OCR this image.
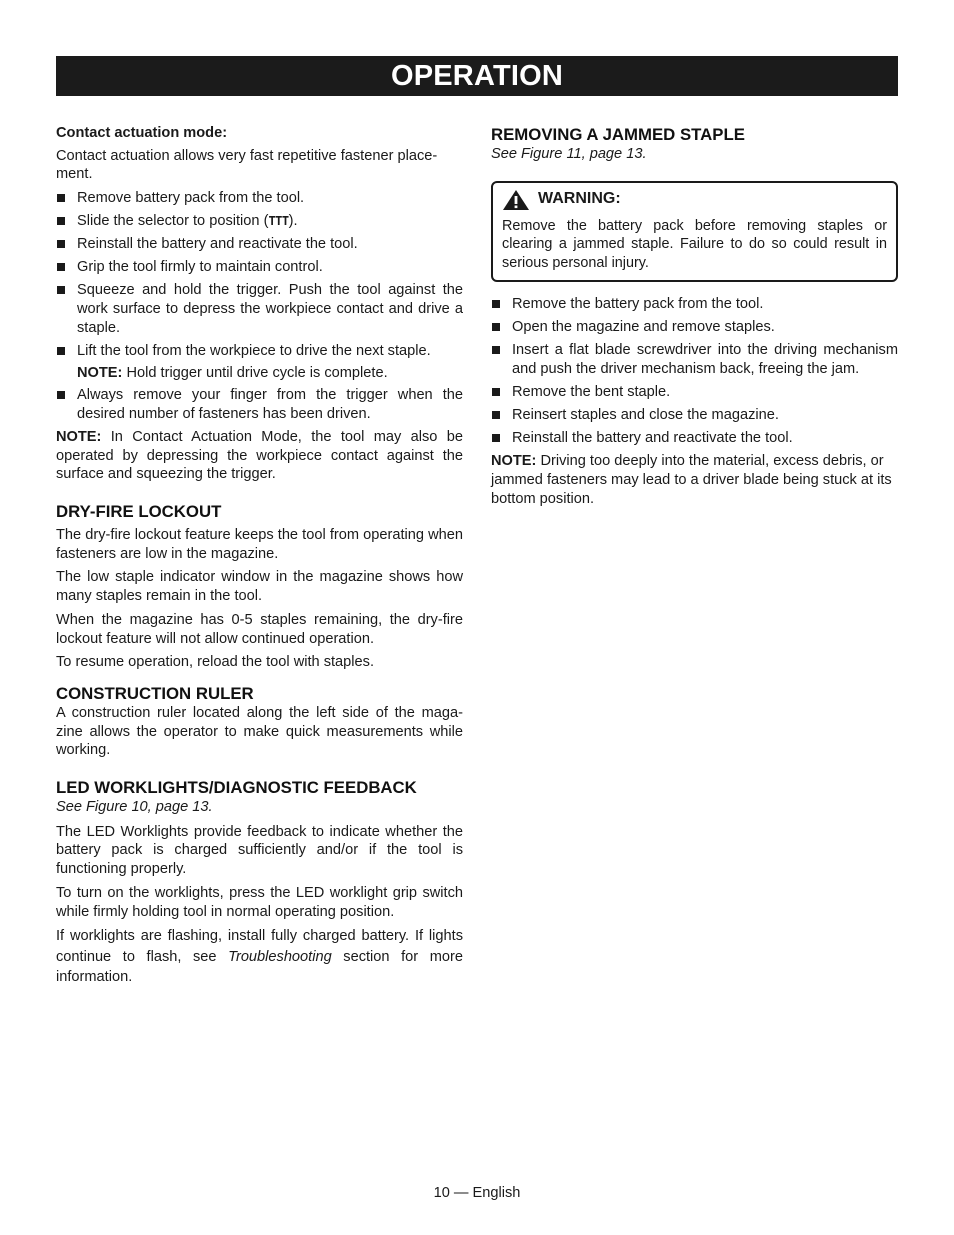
OPERATION
Contact actuation mode:

Contact actuation allows very fast repetitive fastener place- ment.

Remove battery pack from the tool.
Slide the selector to position (TTT).
Reinstall the battery and reactivate the tool.
Grip the tool firmly to maintain control.
Squeeze and hold the trigger. Push the tool against the work surface to depress the workpiece contact and drive a staple.
Lift the tool from the workpiece to drive the next staple.
NOTE: Hold trigger until drive cycle is complete.
Always remove your finger from the trigger when the desired number of fasteners has been driven.

NOTE: In Contact Actuation Mode, the tool may also be operated by depressing the workpiece contact against the surface and squeezing the trigger.

DRY-FIRE LOCKOUT

The dry-fire lockout feature keeps the tool from operating when fasteners are low in the magazine.

The low staple indicator window in the magazine shows how many staples remain in the tool.

When the magazine has 0-5 staples remaining, the dry-fire lockout feature will not allow continued operation.

To resume operation, reload the tool with staples.

CONSTRUCTION RULER

A construction ruler located along the left side of the maga- zine allows the operator to make quick measurements while working.

LED WORKLIGHTS/DIAGNOSTIC FEEDBACK
See Figure 10, page 13.

The LED Worklights provide feedback to indicate whether the battery pack is charged sufficiently and/or if the tool is functioning properly.

To turn on the worklights, press the LED worklight grip switch while firmly holding tool in normal operating position.

If worklights are flashing, install fully charged battery. If lights continue to flash, see Troubleshooting section for more information.

REMOVING A JAMMED STAPLE
See Figure 11, page 13.
WARNING:

Remove the battery pack before removing staples or clearing a jammed staple. Failure to do so could result in serious personal injury.

Remove the battery pack from the tool.
Open the magazine and remove staples.
Insert a flat blade screwdriver into the driving mechanism and push the driver mechanism back, freeing the jam.
Remove the bent staple.
Reinsert staples and close the magazine.
Reinstall the battery and reactivate the tool.

NOTE: Driving too deeply into the material, excess debris, or jammed fasteners may lead to a driver blade being stuck at its bottom position.

10 — English
